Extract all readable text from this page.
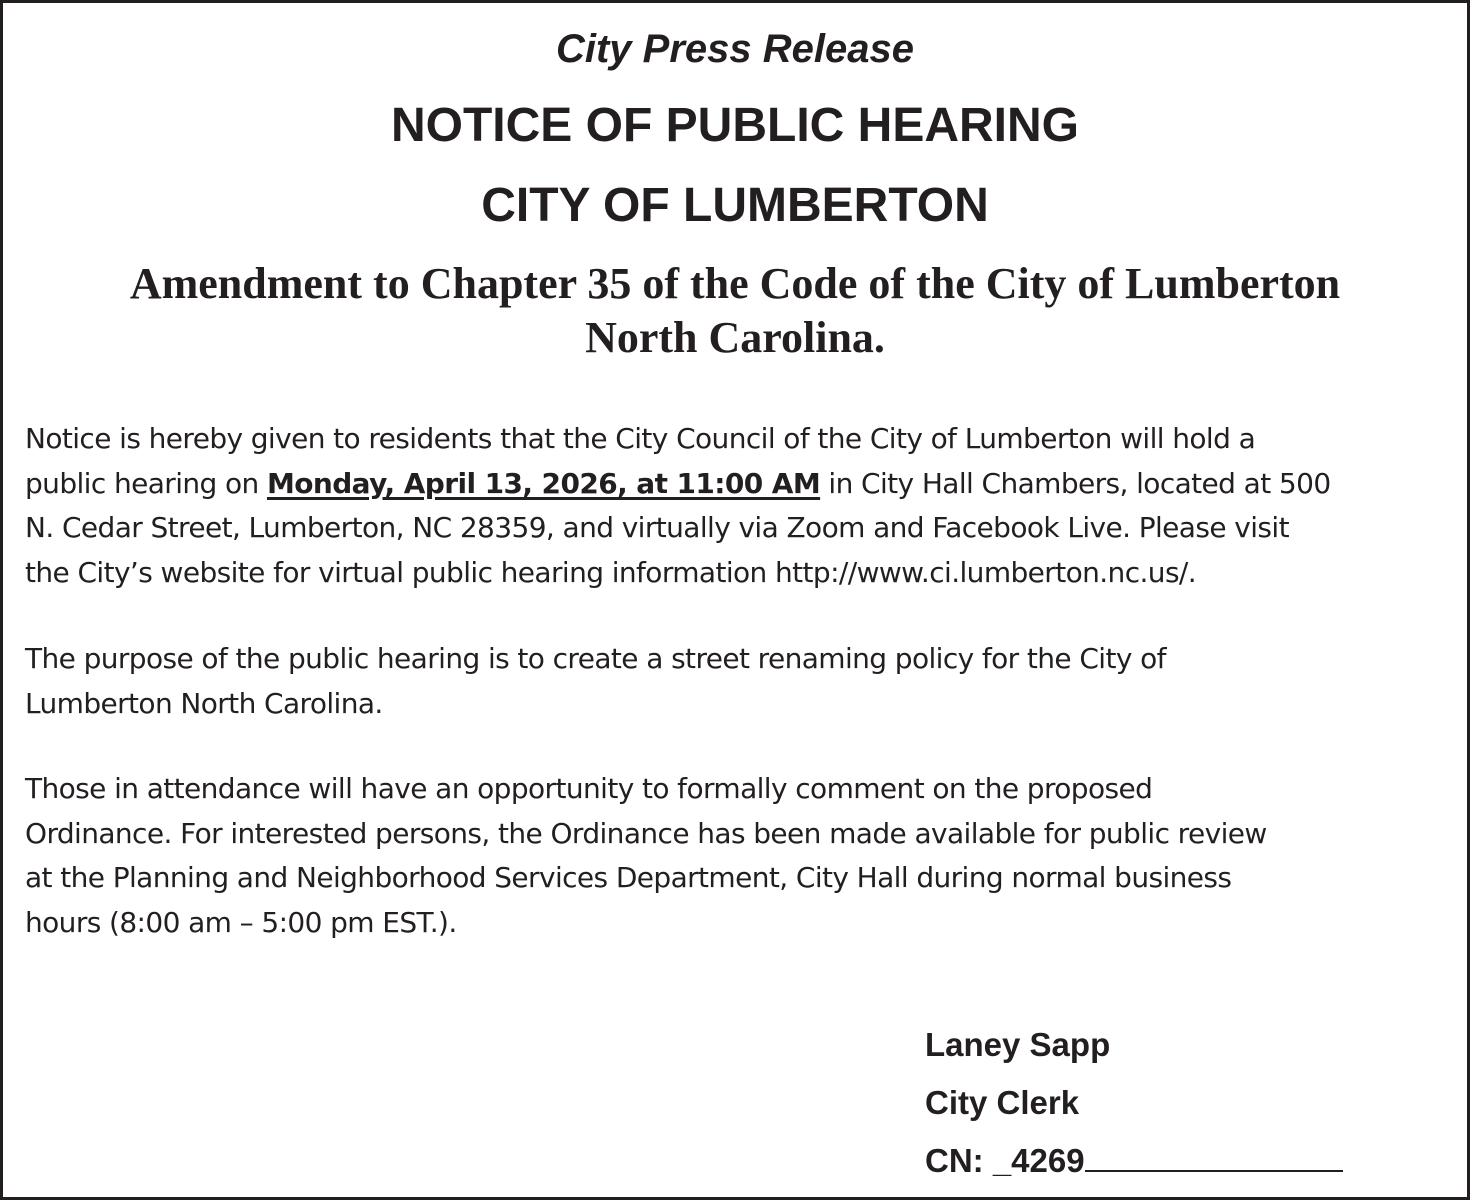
City Press Release

NOTICE OF PUBLIC HEARING
CITY OF LUMBERTON
Amendment to Chapter 35 of the Code of the City of Lumberton
North Carolina.
Notice is hereby given to residents that the City Council of the City of Lumberton will hold a
public hearing on Monday, April 13, 2026, at 11:00 AM in City Hall Chambers, located at 500
N. Cedar Street, Lumberton, NC 28359, and virtually via Zoom and Facebook Live. Please visit
the City’s website for virtual public hearing information http://www.ci.lumberton.nc.us/.
The purpose of the public hearing is to create a street renaming policy for the City of
Lumberton North Carolina.
Those in attendance will have an opportunity to formally comment on the proposed
Ordinance. For interested persons, the Ordinance has been made available for public review
at the Planning and Neighborhood Services Department, City Hall during normal business
hours (8:00 am – 5:00 pm EST.).
Laney Sapp
City Clerk
CN: _4269
